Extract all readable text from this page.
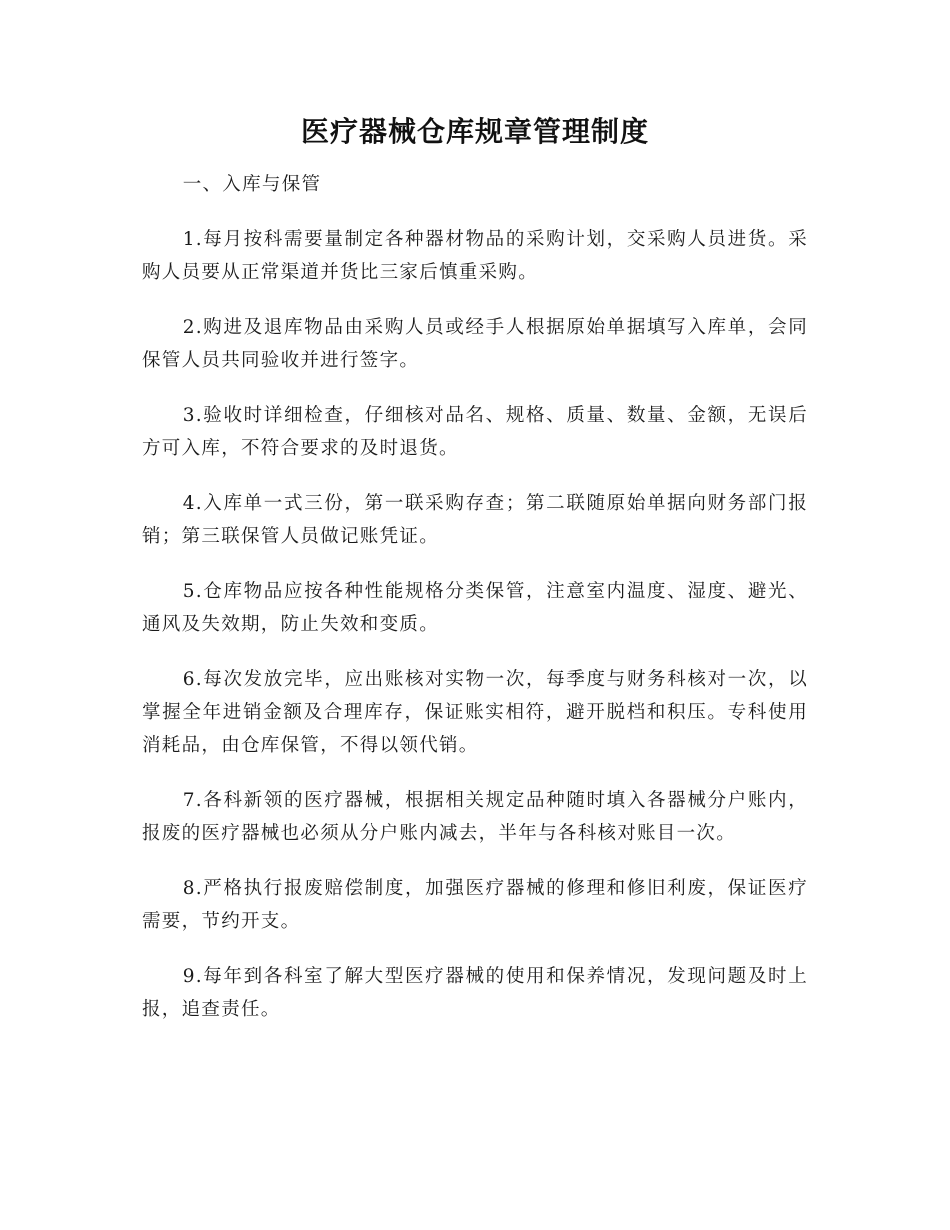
医疗器械仓库规章管理制度

一、入库与保管

1.每月按科需要量制定各种器材物品的采购计划，交采购人员进货。采购人员要从正常渠道并货比三家后慎重采购。

2.购进及退库物品由采购人员或经手人根据原始单据填写入库单，会同保管人员共同验收并进行签字。

3.验收时详细检查，仔细核对品名、规格、质量、数量、金额，无误后方可入库，不符合要求的及时退货。

4.入库单一式三份，第一联采购存查；第二联随原始单据向财务部门报销；第三联保管人员做记账凭证。

5.仓库物品应按各种性能规格分类保管，注意室内温度、湿度、避光、通风及失效期，防止失效和变质。

6.每次发放完毕，应出账核对实物一次，每季度与财务科核对一次，以掌握全年进销金额及合理库存，保证账实相符，避开脱档和积压。专科使用消耗品，由仓库保管，不得以领代销。

7.各科新领的医疗器械，根据相关规定品种随时填入各器械分户账内，报废的医疗器械也必须从分户账内减去，半年与各科核对账目一次。

8.严格执行报废赔偿制度，加强医疗器械的修理和修旧利废，保证医疗需要，节约开支。

9.每年到各科室了解大型医疗器械的使用和保养情况，发现问题及时上报，追查责任。
